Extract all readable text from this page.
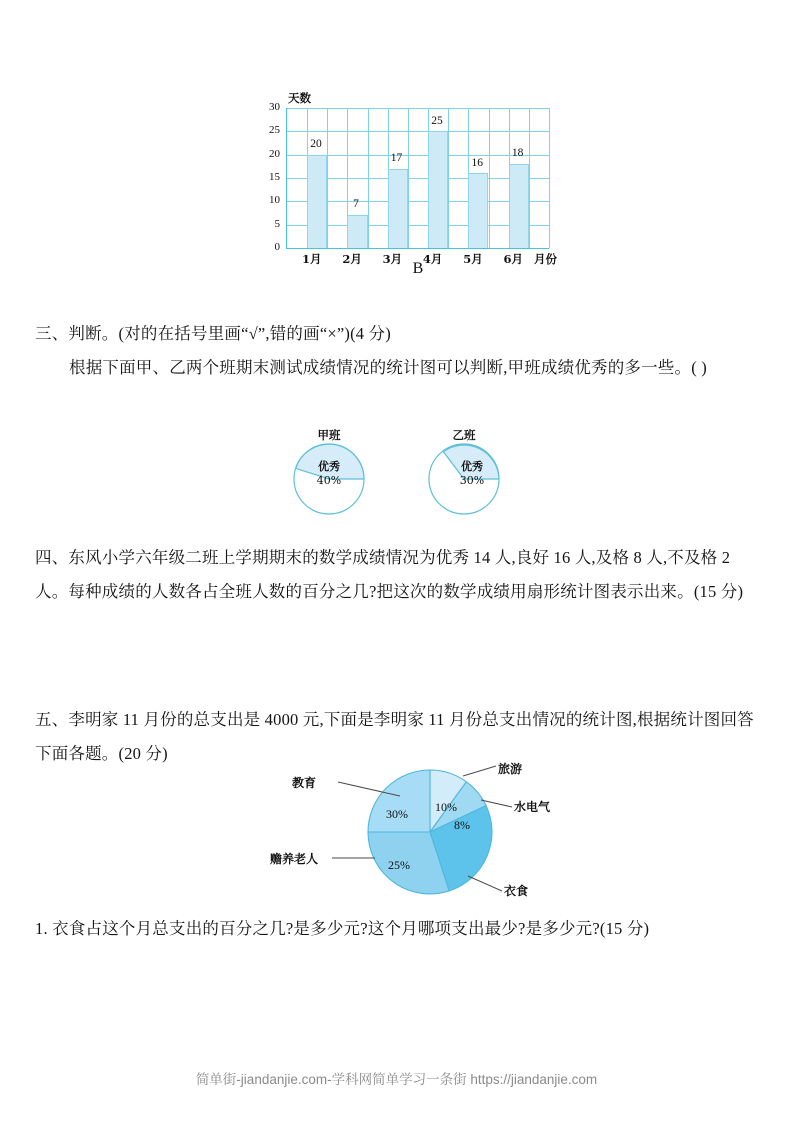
天数
20
7
17
25
16
18
0
5
10
15
20
25
30
1月	2月	3月	4月	5月	6月 月份
B
三、判断。(对的在括号里画“√”,错的画“×”)(4 分)
根据下面甲、乙两个班期末测试成绩情况的统计图可以判断,甲班成绩优秀的多一些。( )
甲班
优秀
40%
乙班
优秀
30%
四、东风小学六年级二班上学期期末的数学成绩情况为优秀 14 人,良好 16 人,及格 8 人,不及格 2 人。每种成绩的人数各占全班人数的百分之几?把这次的数学成绩用扇形统计图表示出来。(15 分)
五、李明家 11 月份的总支出是 4000 元,下面是李明家 11 月份总支出情况的统计图,根据统计图回答下面各题。(20 分)
教育
30%
旅游
10%	水电气
8%
衣食
赡养老人	25%
1. 衣食占这个月总支出的百分之几?是多少元?这个月哪项支出最少?是多少元?(15 分)
简单街-jiandanjie.com-学科网简单学习一条街 https://jiandanjie.com
